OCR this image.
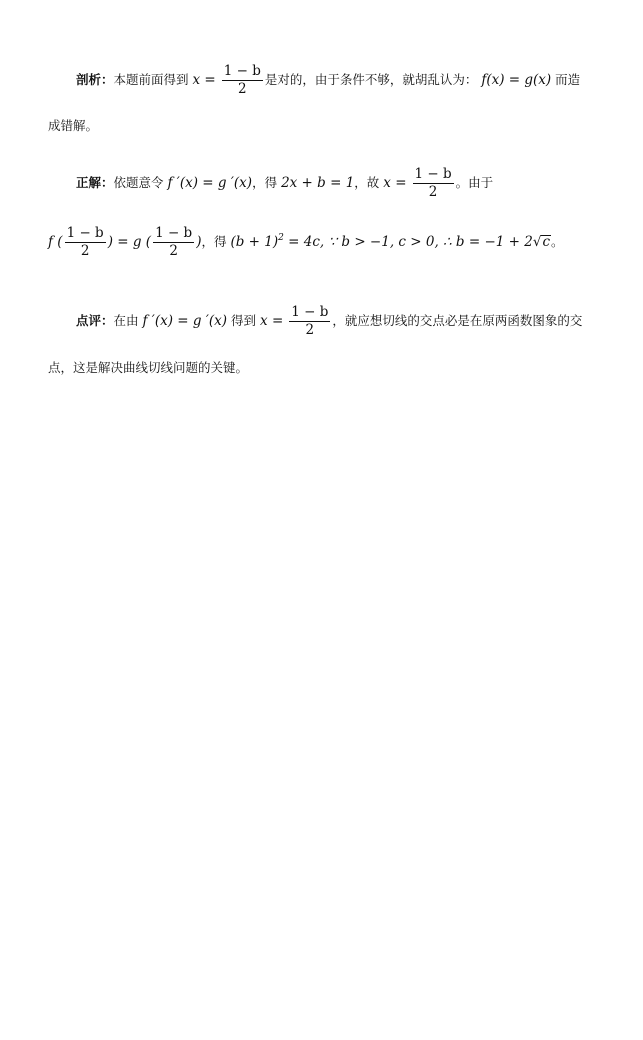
剖析：本题前面得到 $x = \frac{1 - b}{2}$ 是对的，由于条件不够，就胡乱认为： f(x) = g(x) 而造
成错解。
正解：依题意令 f ′(x) = g ′(x)，得 2x + b = 1，故 $x = \frac{1 - b}{2}$ 。由于
f ( $\frac{1 - b}{2}$ ) = g ( $\frac{1 - b}{2}$ )，得 $(b + 1)^2 = 4c$, ∵ b > −1, c > 0, ∴ b = −1 + 2√c。
点评：在由 f ′(x) = g ′(x) 得到 $x = \frac{1 - b}{2}$ ，就应想切线的交点必是在原两函数图象的交
点，这是解决曲线切线问题的关键。
